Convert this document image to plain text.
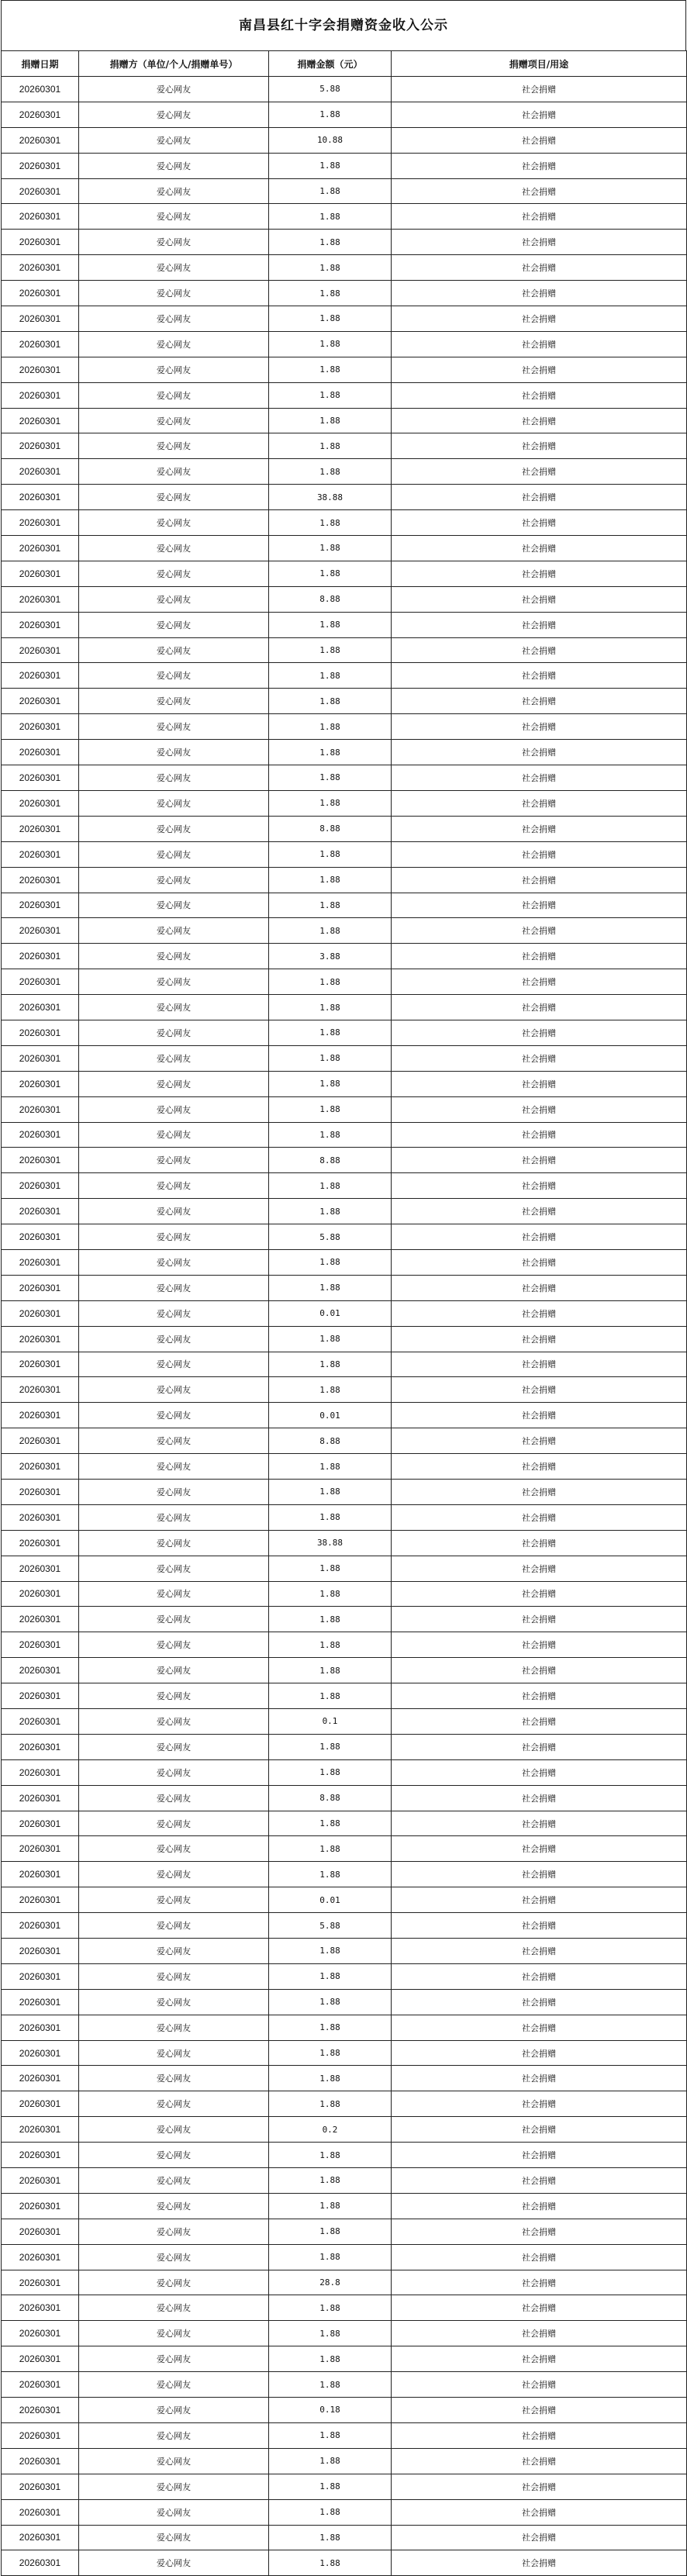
南昌县红十字会捐赠资金收入公示
捐赠日期	捐赠方（单位/个人/捐赠单号）	捐赠金额（元）	捐赠项目/用途
20260301	爱心网友	5.88	社会捐赠
20260301	爱心网友	1.88	社会捐赠
20260301	爱心网友	10.88	社会捐赠
20260301	爱心网友	1.88	社会捐赠
20260301	爱心网友	1.88	社会捐赠
20260301	爱心网友	1.88	社会捐赠
20260301	爱心网友	1.88	社会捐赠
20260301	爱心网友	1.88	社会捐赠
20260301	爱心网友	1.88	社会捐赠
20260301	爱心网友	1.88	社会捐赠
20260301	爱心网友	1.88	社会捐赠
20260301	爱心网友	1.88	社会捐赠
20260301	爱心网友	1.88	社会捐赠
20260301	爱心网友	1.88	社会捐赠
20260301	爱心网友	1.88	社会捐赠
20260301	爱心网友	1.88	社会捐赠
20260301	爱心网友	38.88	社会捐赠
20260301	爱心网友	1.88	社会捐赠
20260301	爱心网友	1.88	社会捐赠
20260301	爱心网友	1.88	社会捐赠
20260301	爱心网友	8.88	社会捐赠
20260301	爱心网友	1.88	社会捐赠
20260301	爱心网友	1.88	社会捐赠
20260301	爱心网友	1.88	社会捐赠
20260301	爱心网友	1.88	社会捐赠
20260301	爱心网友	1.88	社会捐赠
20260301	爱心网友	1.88	社会捐赠
20260301	爱心网友	1.88	社会捐赠
20260301	爱心网友	1.88	社会捐赠
20260301	爱心网友	8.88	社会捐赠
20260301	爱心网友	1.88	社会捐赠
20260301	爱心网友	1.88	社会捐赠
20260301	爱心网友	1.88	社会捐赠
20260301	爱心网友	1.88	社会捐赠
20260301	爱心网友	3.88	社会捐赠
20260301	爱心网友	1.88	社会捐赠
20260301	爱心网友	1.88	社会捐赠
20260301	爱心网友	1.88	社会捐赠
20260301	爱心网友	1.88	社会捐赠
20260301	爱心网友	1.88	社会捐赠
20260301	爱心网友	1.88	社会捐赠
20260301	爱心网友	1.88	社会捐赠
20260301	爱心网友	8.88	社会捐赠
20260301	爱心网友	1.88	社会捐赠
20260301	爱心网友	1.88	社会捐赠
20260301	爱心网友	5.88	社会捐赠
20260301	爱心网友	1.88	社会捐赠
20260301	爱心网友	1.88	社会捐赠
20260301	爱心网友	0.01	社会捐赠
20260301	爱心网友	1.88	社会捐赠
20260301	爱心网友	1.88	社会捐赠
20260301	爱心网友	1.88	社会捐赠
20260301	爱心网友	0.01	社会捐赠
20260301	爱心网友	8.88	社会捐赠
20260301	爱心网友	1.88	社会捐赠
20260301	爱心网友	1.88	社会捐赠
20260301	爱心网友	1.88	社会捐赠
20260301	爱心网友	38.88	社会捐赠
20260301	爱心网友	1.88	社会捐赠
20260301	爱心网友	1.88	社会捐赠
20260301	爱心网友	1.88	社会捐赠
20260301	爱心网友	1.88	社会捐赠
20260301	爱心网友	1.88	社会捐赠
20260301	爱心网友	1.88	社会捐赠
20260301	爱心网友	0.1	社会捐赠
20260301	爱心网友	1.88	社会捐赠
20260301	爱心网友	1.88	社会捐赠
20260301	爱心网友	8.88	社会捐赠
20260301	爱心网友	1.88	社会捐赠
20260301	爱心网友	1.88	社会捐赠
20260301	爱心网友	1.88	社会捐赠
20260301	爱心网友	0.01	社会捐赠
20260301	爱心网友	5.88	社会捐赠
20260301	爱心网友	1.88	社会捐赠
20260301	爱心网友	1.88	社会捐赠
20260301	爱心网友	1.88	社会捐赠
20260301	爱心网友	1.88	社会捐赠
20260301	爱心网友	1.88	社会捐赠
20260301	爱心网友	1.88	社会捐赠
20260301	爱心网友	1.88	社会捐赠
20260301	爱心网友	0.2	社会捐赠
20260301	爱心网友	1.88	社会捐赠
20260301	爱心网友	1.88	社会捐赠
20260301	爱心网友	1.88	社会捐赠
20260301	爱心网友	1.88	社会捐赠
20260301	爱心网友	1.88	社会捐赠
20260301	爱心网友	28.8	社会捐赠
20260301	爱心网友	1.88	社会捐赠
20260301	爱心网友	1.88	社会捐赠
20260301	爱心网友	1.88	社会捐赠
20260301	爱心网友	1.88	社会捐赠
20260301	爱心网友	0.18	社会捐赠
20260301	爱心网友	1.88	社会捐赠
20260301	爱心网友	1.88	社会捐赠
20260301	爱心网友	1.88	社会捐赠
20260301	爱心网友	1.88	社会捐赠
20260301	爱心网友	1.88	社会捐赠
20260301	爱心网友	1.88	社会捐赠
